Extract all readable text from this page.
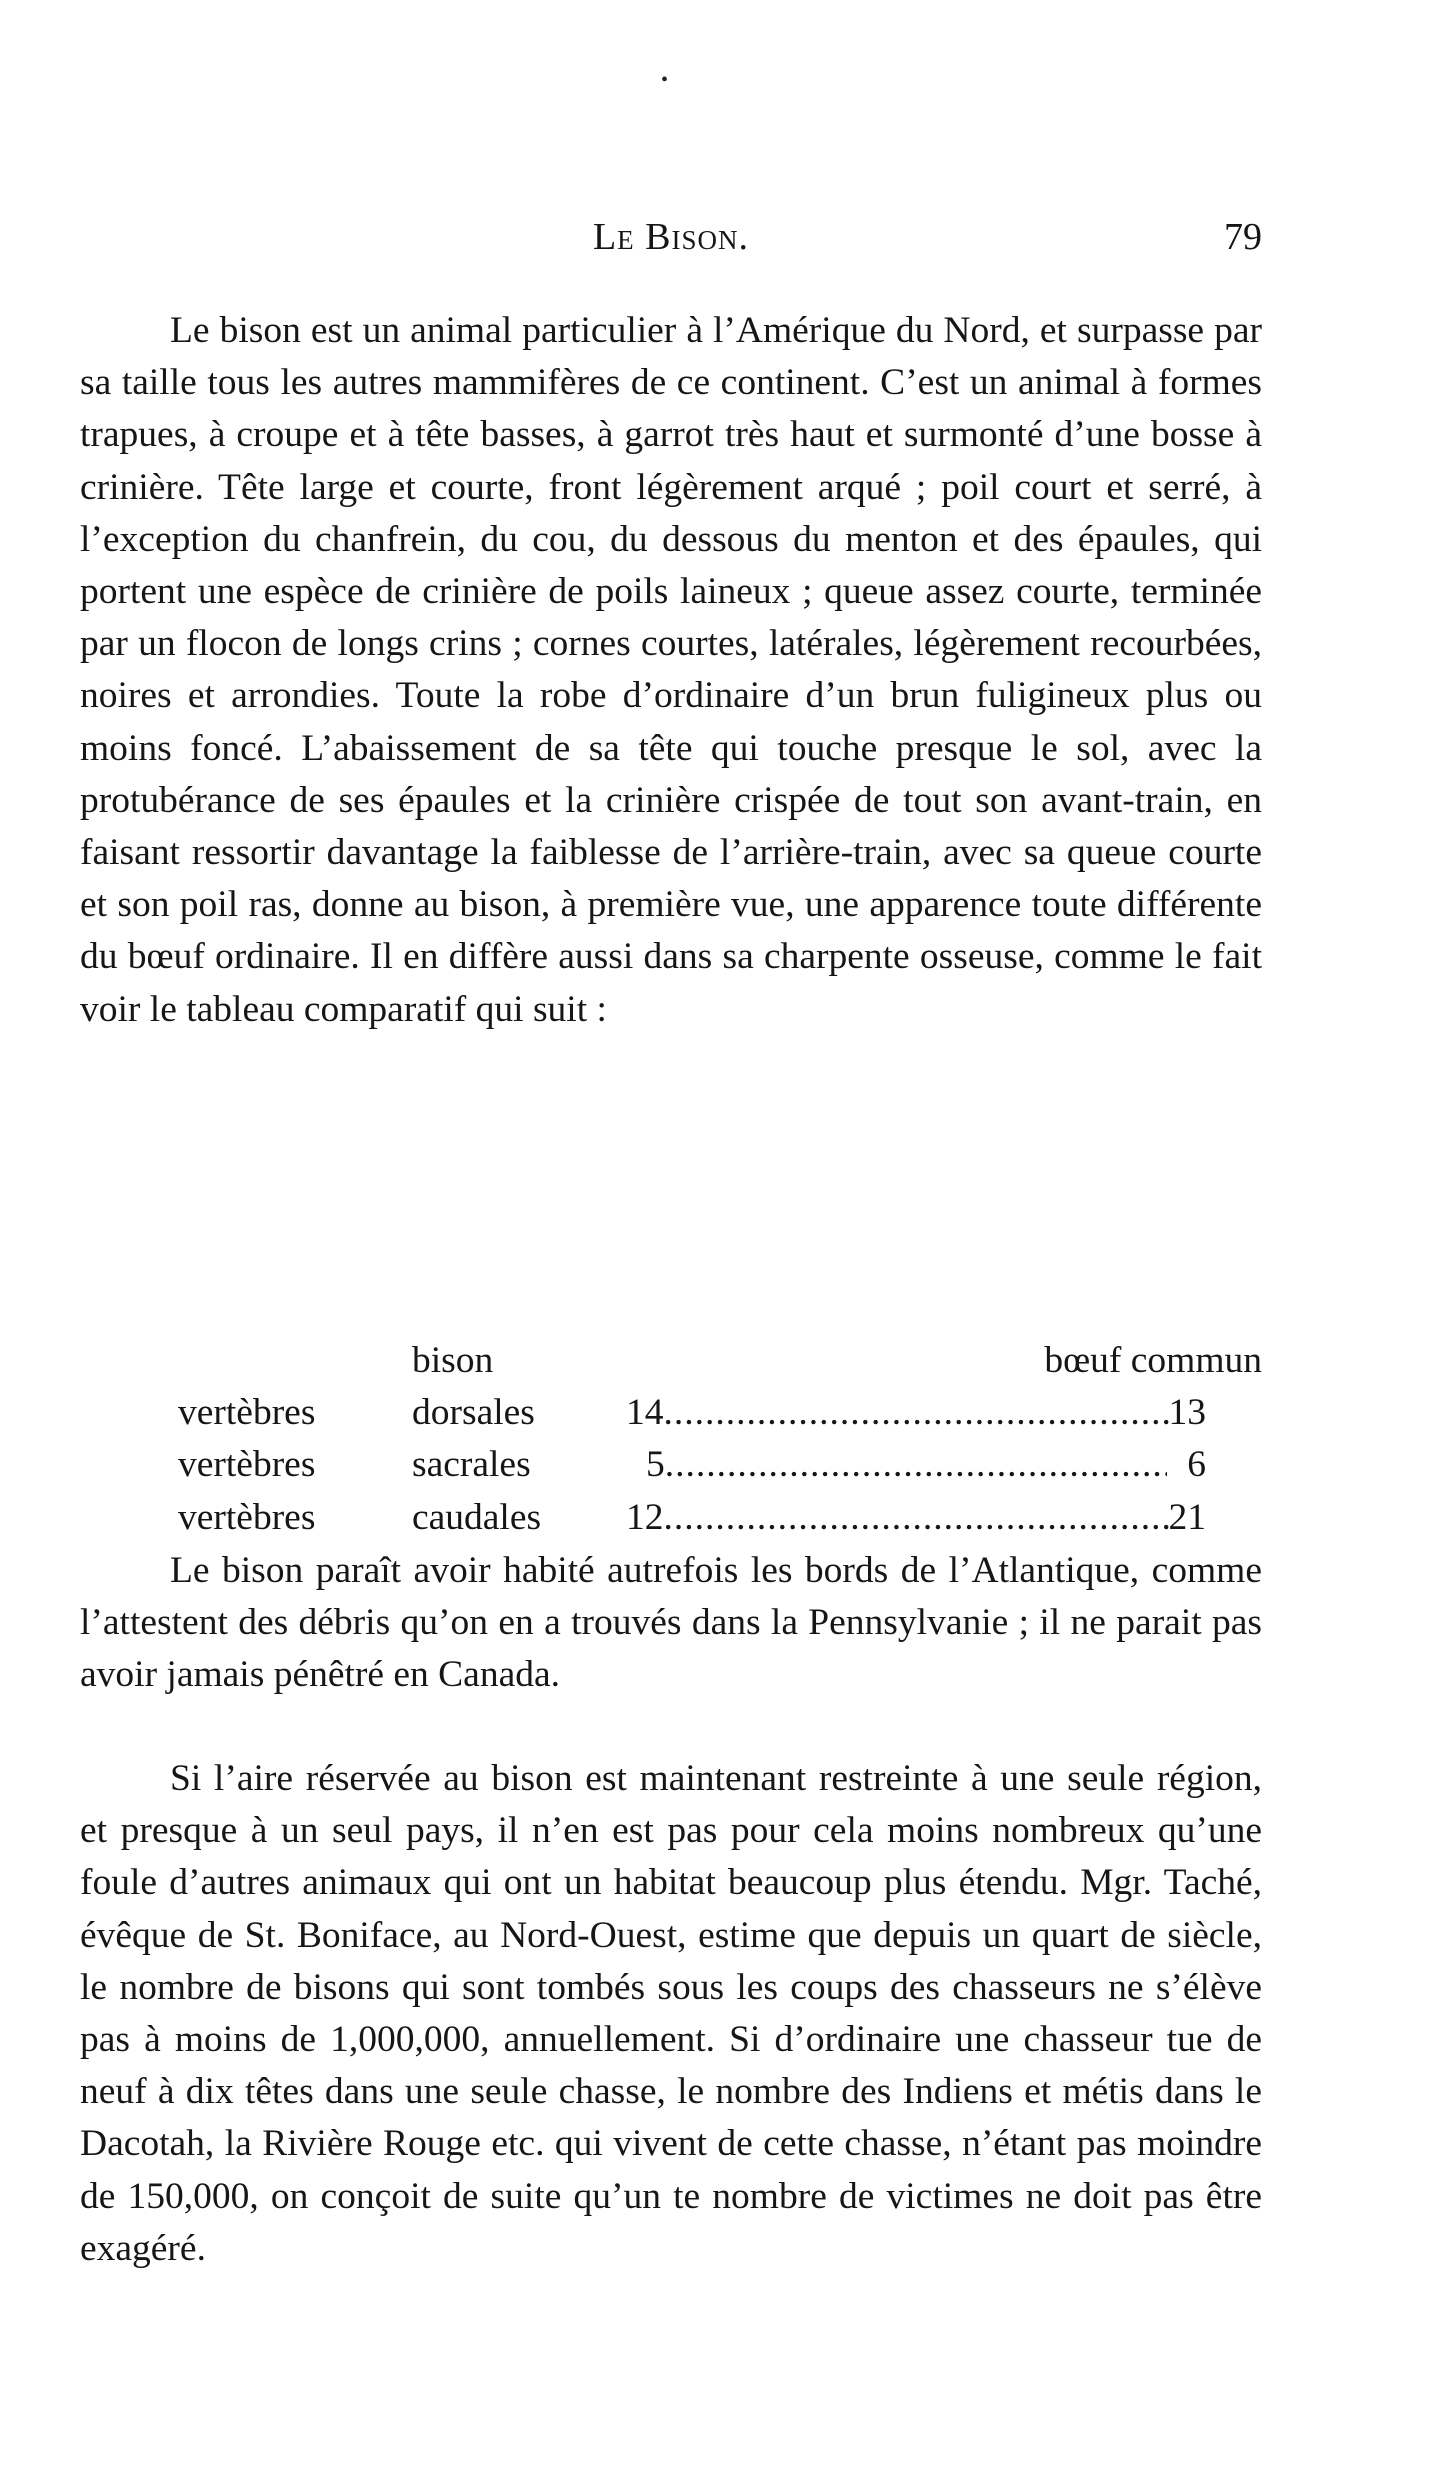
•
Le Bison.	79

Le bison est un animal particulier à l’Amérique du Nord, et surpasse par sa taille tous les autres mammifères de ce continent. C’est un animal à formes trapues, à croupe et à tête basses, à garrot très haut et surmonté d’une bosse à crinière. Tête large et courte, front légèrement arqué ; poil court et serré, à l’exception du chanfrein, du cou, du dessous du menton et des épaules, qui portent une espèce de crinière de poils laineux ; queue assez courte, terminée par un flocon de longs crins ; cornes courtes, latérales, légèrement recourbées, noires et arrondies. Toute la robe d’ordinaire d’un brun fuligineux plus ou moins foncé. L’abaissement de sa tête qui touche presque le sol, avec la protubérance de ses épaules et la crinière crispée de tout son avant-train, en faisant ressortir davantage la faiblesse de l’arrière-train, avec sa queue courte et son poil ras, donne au bison, à première vue, une apparence toute différente du bœuf ordinaire. Il en diffère aussi dans sa charpente osseuse, comme le fait voir le tableau comparatif qui suit :

bison	bœuf commun
vertèbres	dorsales 14 .....	13
vertèbres	sacrales	5 .....	6
vertèbres	caudales 12 .....	21

Le bison paraît avoir habité autrefois les bords de l’Atlantique, comme l’attestent des débris qu’on en a trouvés dans la Pennsylvanie ; il ne parait pas avoir jamais pénêtré en Canada.

Si l’aire réservée au bison est maintenant restreinte à une seule région, et presque à un seul pays, il n’en est pas pour cela moins nombreux qu’une foule d’autres animaux qui ont un habitat beaucoup plus étendu. Mgr. Taché, évêque de St. Boniface, au Nord-Ouest, estime que depuis un quart de siècle, le nombre de bisons qui sont tombés sous les coups des chasseurs ne s’élève pas à moins de 1,000,000, annuellement. Si d’ordinaire une chasseur tue de neuf à dix têtes dans une seule chasse, le nombre des Indiens et métis dans le Dacotah, la Rivière Rouge etc. qui vivent de cette chasse, n’étant pas moindre de 150,000, on conçoit de suite qu’un te nombre de victimes ne doit pas être exagéré.
